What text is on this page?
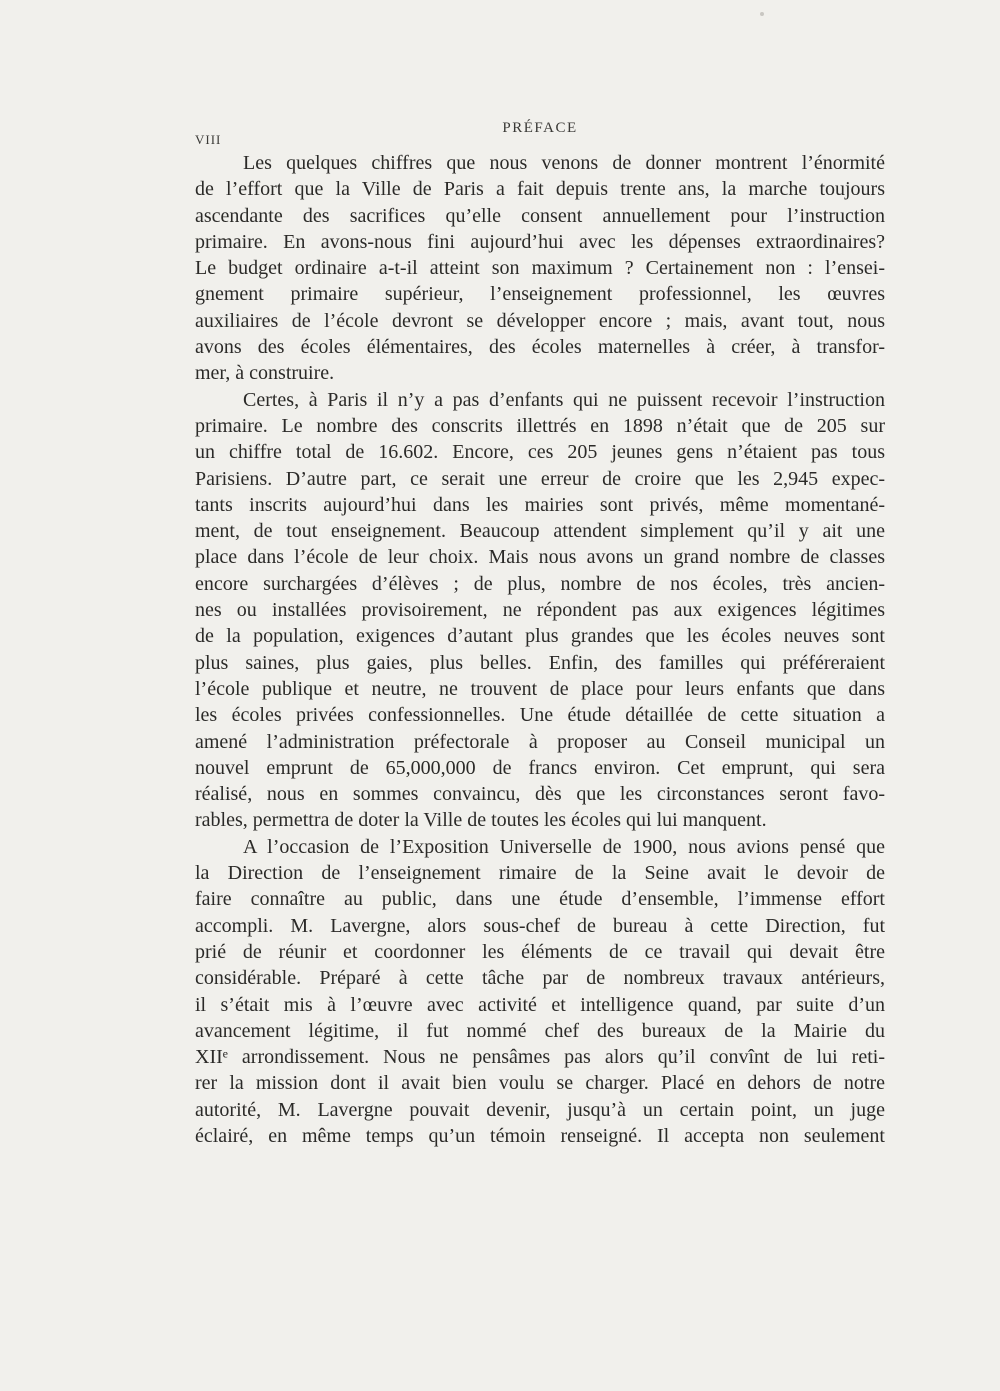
VIII
PRÉFACE
Les quelques chiffres que nous venons de donner montrent l’énormité
de l’effort que la Ville de Paris a fait depuis trente ans, la marche toujours
ascendante des sacrifices qu’elle consent annuellement pour l’instruction
primaire. En avons-nous fini aujourd’hui avec les dépenses extraordinaires?
Le budget ordinaire a-t-il atteint son maximum ? Certainement non : l’ensei-
gnement primaire supérieur, l’enseignement professionnel, les œuvres
auxiliaires de l’école devront se développer encore ; mais, avant tout, nous
avons des écoles élémentaires, des écoles maternelles à créer, à transfor-
mer, à construire.
Certes, à Paris il n’y a pas d’enfants qui ne puissent recevoir l’instruction
primaire. Le nombre des conscrits illettrés en 1898 n’était que de 205 sur
un chiffre total de 16.602. Encore, ces 205 jeunes gens n’étaient pas tous
Parisiens. D’autre part, ce serait une erreur de croire que les 2,945 expec-
tants inscrits aujourd’hui dans les mairies sont privés, même momentané-
ment, de tout enseignement. Beaucoup attendent simplement qu’il y ait une
place dans l’école de leur choix. Mais nous avons un grand nombre de classes
encore surchargées d’élèves ; de plus, nombre de nos écoles, très ancien-
nes ou installées provisoirement, ne répondent pas aux exigences légitimes
de la population, exigences d’autant plus grandes que les écoles neuves sont
plus saines, plus gaies, plus belles. Enfin, des familles qui préféreraient
l’école publique et neutre, ne trouvent de place pour leurs enfants que dans
les écoles privées confessionnelles. Une étude détaillée de cette situation a
amené l’administration préfectorale à proposer au Conseil municipal un
nouvel emprunt de 65,000,000 de francs environ. Cet emprunt, qui sera
réalisé, nous en sommes convaincu, dès que les circonstances seront favo-
rables, permettra de doter la Ville de toutes les écoles qui lui manquent.
A l’occasion de l’Exposition Universelle de 1900, nous avions pensé que
la Direction de l’enseignement rimaire de la Seine avait le devoir de
faire connaître au public, dans une étude d’ensemble, l’immense effort
accompli. M. Lavergne, alors sous-chef de bureau à cette Direction, fut
prié de réunir et coordonner les éléments de ce travail qui devait être
considérable. Préparé à cette tâche par de nombreux travaux antérieurs,
il s’était mis à l’œuvre avec activité et intelligence quand, par suite d’un
avancement légitime, il fut nommé chef des bureaux de la Mairie du
XIIᵉ arrondissement. Nous ne pensâmes pas alors qu’il convînt de lui reti-
rer la mission dont il avait bien voulu se charger. Placé en dehors de notre
autorité, M. Lavergne pouvait devenir, jusqu’à un certain point, un juge
éclairé, en même temps qu’un témoin renseigné. Il accepta non seulement
